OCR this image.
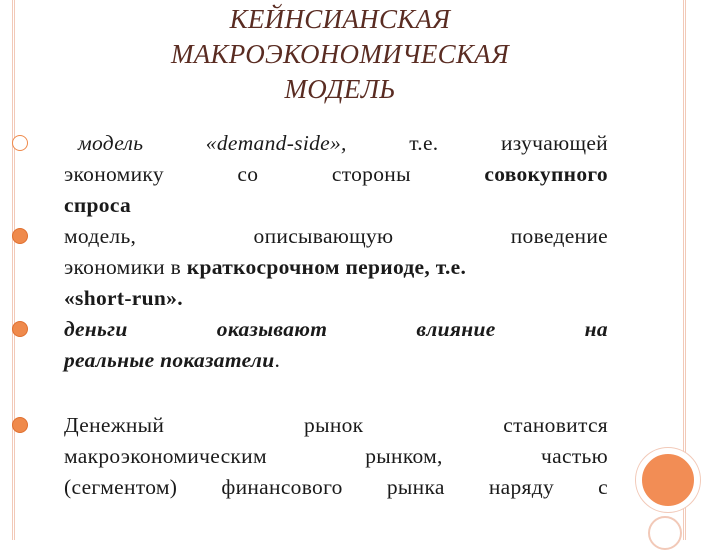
КЕЙНСИАНСКАЯ
МАКРОЭКОНОМИЧЕСКАЯ
МОДЕЛЬ
модель	«demand-side»,	т.е.	изучающей
экономику	со	стороны	совокупного
спроса
модель,	описывающую	поведение
экономики в краткосрочном периоде, т.е.
«short-run».
деньги	оказывают	влияние	на
реальные показатели .
Денежный	рынок	становится
макроэкономическим	рынком,	частью
(сегментом) финансового рынка наряду с
